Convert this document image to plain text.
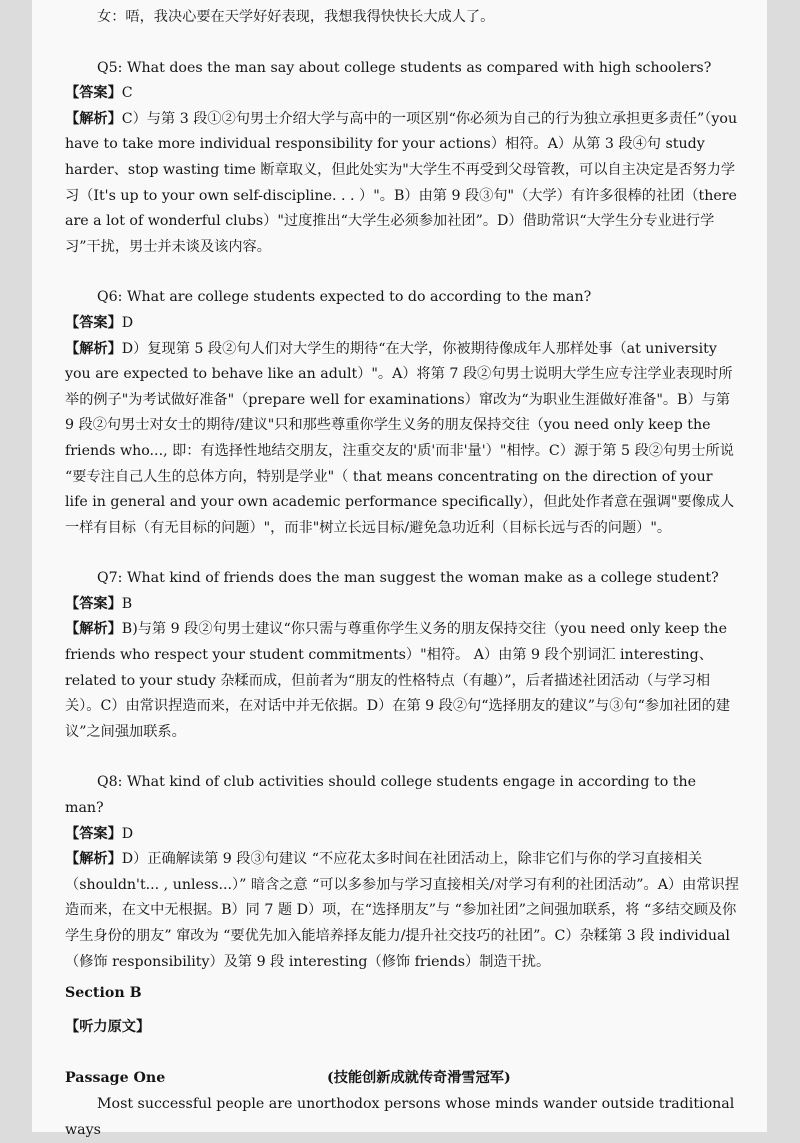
女：唔，我决心要在天学好好表现，我想我得快快长大成人了。

Q5: What does the man say about college students as compared with high schoolers?

【答案】C

【解析】C）与第 3 段①②句男士介绍大学与高中的一项区别“你必须为自己的行为独立承担更多责任”（you have to take more individual responsibility for your actions）相符。A）从第 3 段④句 study harder、stop wasting time 断章取义，但此处实为"大学生不再受到父母管教，可以自主决定是否努力学习（It's up to your own self-discipline. . . ）"。B）由第 9 段③句"（大学）有许多很棒的社团（there are a lot of wonderful clubs）"过度推出“大学生必须参加社团”。D）借助常识“大学生分专业进行学习”干扰，男士并未谈及该内容。

Q6: What are college students expected to do according to the man?

【答案】D

【解析】D）复现第 5 段②句人们对大学生的期待“在大学，你被期待像成年人那样处事（at university you are expected to behave like an adult）"。A）将第 7 段②句男士说明大学生应专注学业表现时所举的例子"为考试做好准备"（prepare well for examinations）窜改为“为职业生涯做好准备"。B）与第 9 段②句男士对女士的期待/建议"只和那些尊重你学生义务的朋友保持交往（you need only keep the friends who..., 即：有选择性地结交朋友，注重交友的'质'而非'量'）"相悖。C）源于第 5 段②句男士所说 “要专注自己人生的总体方向，特别是学业"（ that means concentrating on the direction of your life in general and your own academic performance specifically），但此处作者意在强调"要像成人一样有目标（有无目标的问题）"，而非"树立长远目标/避免急功近利（目标长远与否的问题）"。

Q7: What kind of friends does the man suggest the woman make as a college student?

【答案】B

【解析】B)与第 9 段②句男士建议“你只需与尊重你学生义务的朋友保持交往（you need only keep the friends who respect your student commitments）"相符。 A）由第 9 段个别词汇 interesting、related to your study 杂糅而成，但前者为“朋友的性格特点（有趣）”，后者描述社团活动（与学习相关）。C）由常识捏造而来，在对话中并无依据。D）在第 9 段②句“选择朋友的建议”与③句“参加社团的建议”之间强加联系。

Q8: What kind of club activities should college students engage in according to the man?

【答案】D

【解析】D）正确解读第 9 段③句建议 “不应花太多时间在社团活动上，除非它们与你的学习直接相关（shouldn't... , unless...）” 暗含之意 “可以多参加与学习直接相关/对学习有利的社团活动”。A）由常识捏造而来，在文中无根据。B）同 7 题 D）项，在“选择朋友”与 “参加社团”之间强加联系，将 “多结交顾及你学生身份的朋友” 窜改为 “要优先加入能培养择友能力/提升社交技巧的社团”。C）杂糅第 3 段 individual（修饰 responsibility）及第 9 段 interesting（修饰 friends）制造干扰。

Section B

【听力原文】

Passage One	(技能创新成就传奇滑雪冠军)

Most successful people are unorthodox persons whose minds wander outside traditional ways
